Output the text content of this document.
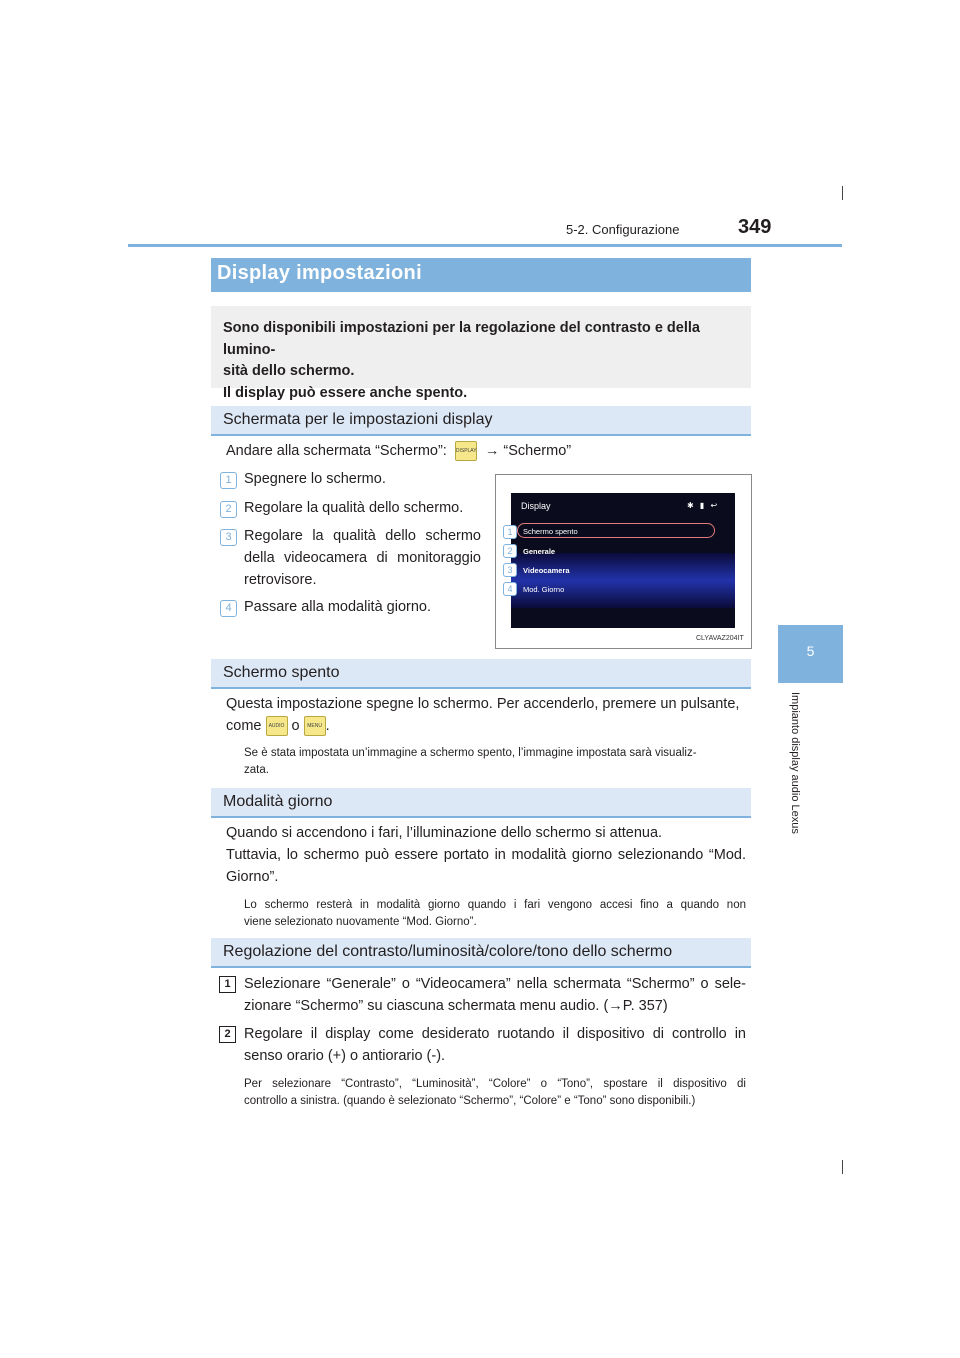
5-2. Configurazione	349
5
Impianto display audio Lexus
Display impostazioni

Sono disponibili impostazioni per la regolazione del contrasto e della lumino-
sità dello schermo.
Il display può essere anche spento.

Schermata per le impostazioni display
Andare alla schermata “Schermo”: DISPLAY → “Schermo”
1 Spegnere lo schermo.
2 Regolare la qualità dello schermo.
3 Regolare la qualità dello schermo
della videocamera di monitoraggio
retrovisore.
4 Passare alla modalità giorno.
Display	✱ ▮ ↩
Schermo spento
Generale
Videocamera
Mod. Giorno
1
2
3
4
CLYAVAZ204IT
Schermo spento
Questa impostazione spegne lo schermo. Per accenderlo, premere un pulsante,
come AUDIO o MENU .
Se è stata impostata un’immagine a schermo spento, l’immagine impostata sarà visualiz-
zata.
Modalità giorno
Quando si accendono i fari, l’illuminazione dello schermo si attenua.
Tuttavia, lo schermo può essere portato in modalità giorno selezionando “Mod.
Giorno”.
Lo schermo resterà in modalità giorno quando i fari vengono accesi fino a quando non
viene selezionato nuovamente “Mod. Giorno”.
Regolazione del contrasto/luminosità/colore/tono dello schermo
1 Selezionare “Generale” o “Videocamera” nella schermata “Schermo” o sele-
zionare “Schermo” su ciascuna schermata menu audio. (→P. 357)
2 Regolare il display come desiderato ruotando il dispositivo di controllo in
senso orario (+) o antiorario (-).
Per selezionare “Contrasto”, “Luminosità”, “Colore” o “Tono”, spostare il dispositivo di
controllo a sinistra. (quando è selezionato “Schermo”, “Colore” e “Tono” sono disponibili.)
